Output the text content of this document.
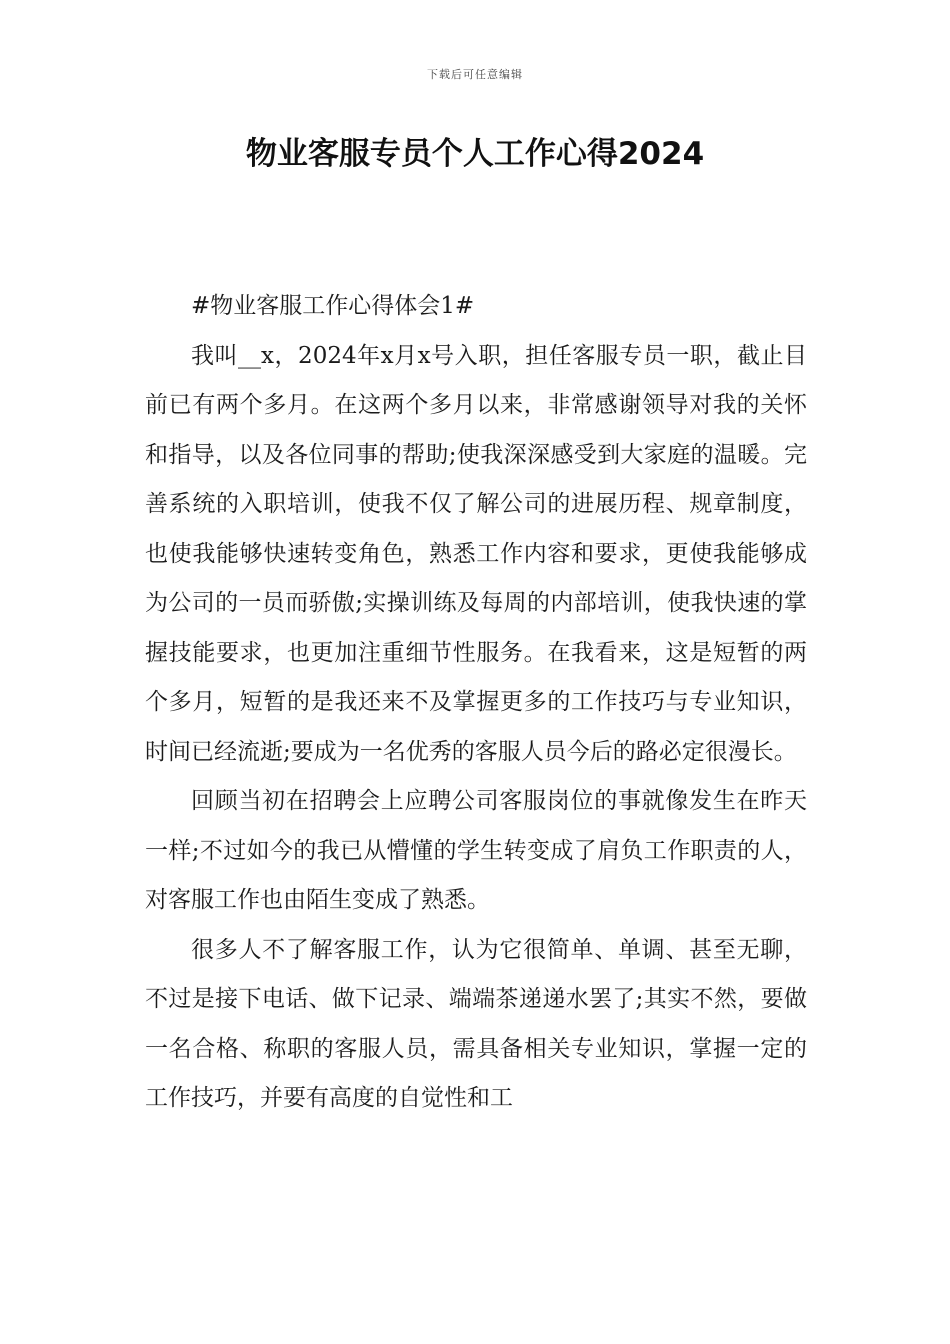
下载后可任意编辑
物业客服专员个人工作心得2024

#物业客服工作心得体会1#

我叫__x，2024年x月x号入职，担任客服专员一职，截止目前已有两个多月。在这两个多月以来，非常感谢领导对我的关怀和指导，以及各位同事的帮助;使我深深感受到大家庭的温暖。完善系统的入职培训，使我不仅了解公司的进展历程、规章制度，也使我能够快速转变角色，熟悉工作内容和要求，更使我能够成为公司的一员而骄傲;实操训练及每周的内部培训，使我快速的掌握技能要求，也更加注重细节性服务。在我看来，这是短暂的两个多月，短暂的是我还来不及掌握更多的工作技巧与专业知识，时间已经流逝;要成为一名优秀的客服人员今后的路必定很漫长。

回顾当初在招聘会上应聘公司客服岗位的事就像发生在昨天一样;不过如今的我已从懵懂的学生转变成了肩负工作职责的人，对客服工作也由陌生变成了熟悉。

很多人不了解客服工作，认为它很简单、单调、甚至无聊，不过是接下电话、做下记录、端端茶递递水罢了;其实不然，要做一名合格、称职的客服人员，需具备相关专业知识，掌握一定的工作技巧，并要有高度的自觉性和工
